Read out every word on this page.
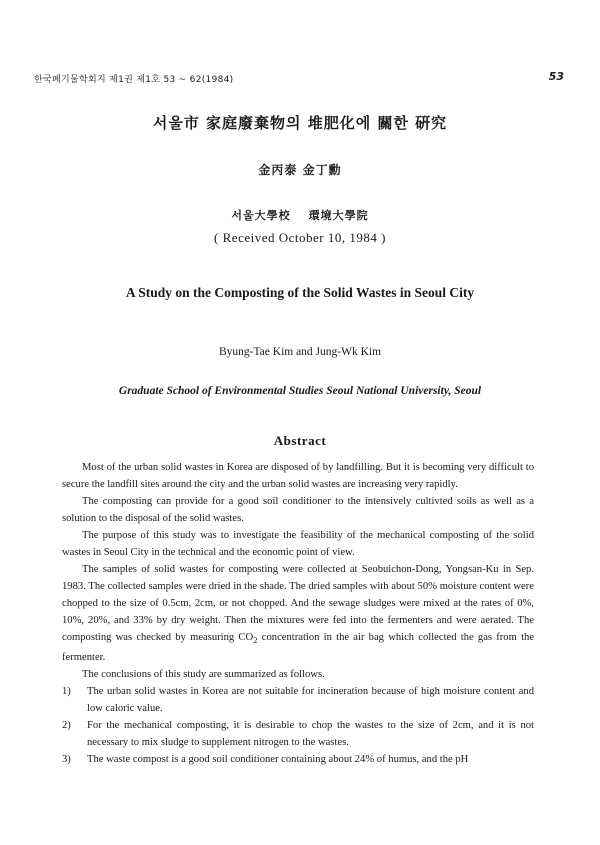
한국폐기물학회지 제1권 제1호 53 ~ 62(1984)	53
서울市 家庭廢棄物의 堆肥化에 關한 硏究
金丙泰 金丁勳
서울大學校 環境大學院
( Received October 10, 1984 )
A Study on the Composting of the Solid Wastes in Seoul City
Byung-Tae Kim and Jung-Wk Kim
Graduate School of Environmental Studies Seoul National University, Seoul
Abstract

Most of the urban solid wastes in Korea are disposed of by landfilling. But it is becoming very difficult to secure the landfill sites around the city and the urban solid wastes are increasing very rapidly.

The composting can provide for a good soil conditioner to the intensively cultivted soils as well as a solution to the disposal of the solid wastes.

The purpose of this study was to investigate the feasibility of the mechanical composting of the solid wastes in Seoul City in the technical and the economic point of view.

The samples of solid wastes for composting were collected at Seobuichon-Dong, Yongsan-Ku in Sep. 1983. The collected samples were dried in the shade. The dried samples with about 50% moisture content were chopped to the size of 0.5cm, 2cm, or not chopped. And the sewage sludges were mixed at the rates of 0%, 10%, 20%, and 33% by dry weight. Then the mixtures were fed into the fermenters and were aerated. The composting was checked by measuring $CO_2$ concentration in the air bag which collected the gas from the fermenter.

The conclusions of this study are summarized as follows.

1) The urban solid wastes in Korea are not suitable for incineration because of high moisture content and low caloric value.
2) For the mechanical composting, it is desirable to chop the wastes to the size of 2cm, and it is not necessary to mix sludge to supplement nitrogen to the wastes.
3) The waste compost is a good soil conditioner containing about 24% of humus, and the pH
